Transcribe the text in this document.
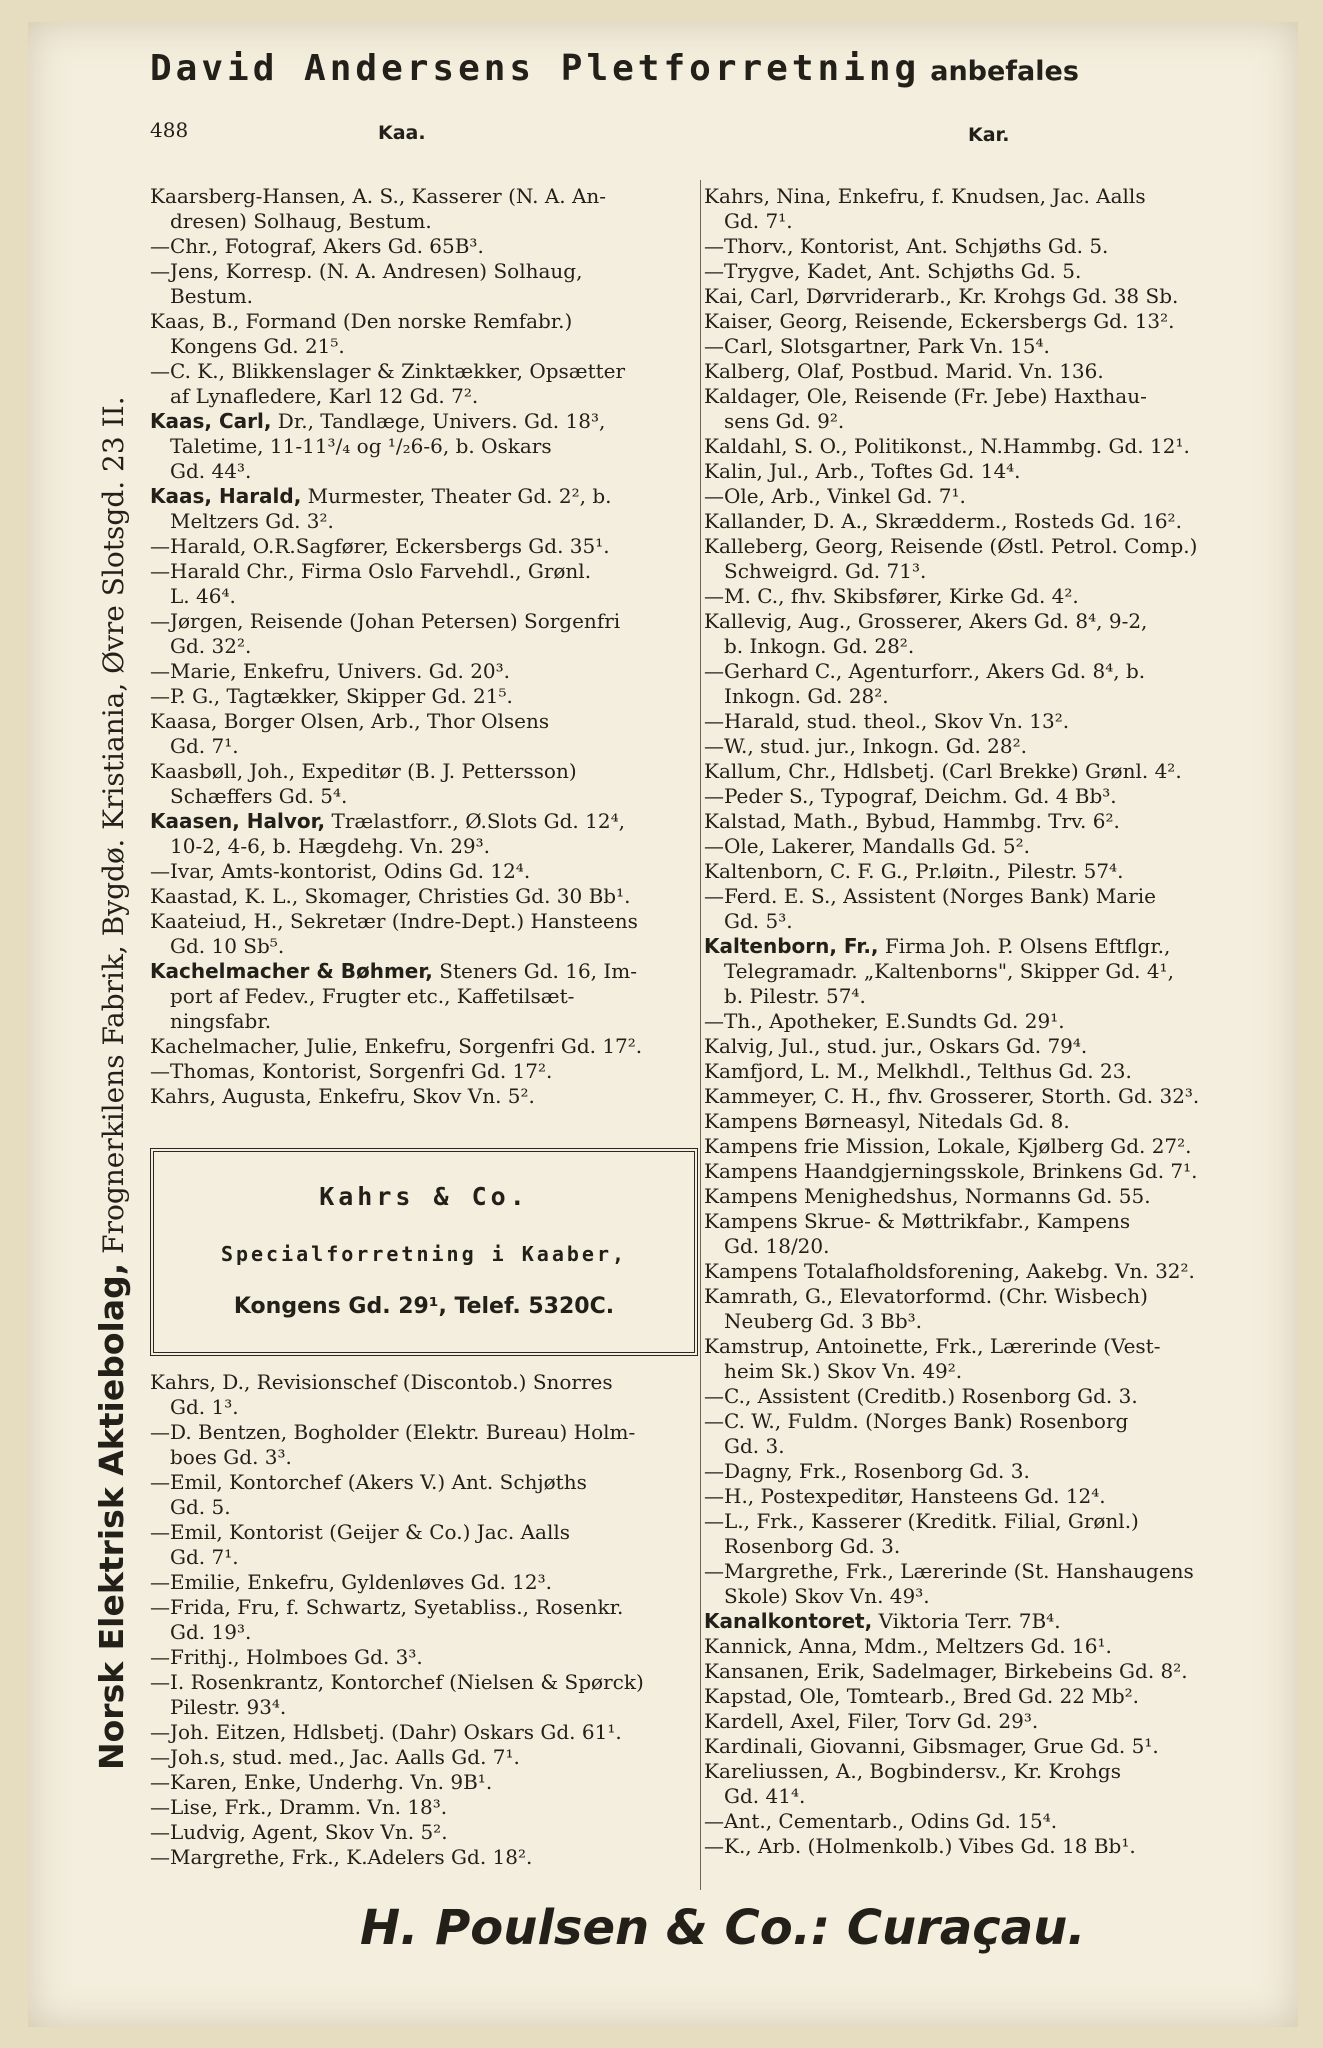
David Andersens Pletforretning anbefales
488	Kaa.	Kar.
Norsk Elektrisk Aktiebolag, Frognerkilens Fabrik, Bygdø. Kristiania, Øvre Slotsgd. 23 II.
Kaarsberg-Hansen, A. S., Kasserer (N. A. An-
dresen) Solhaug, Bestum.
—Chr., Fotograf, Akers Gd. 65B³.
—Jens, Korresp. (N. A. Andresen) Solhaug,
Bestum.
Kaas, B., Formand (Den norske Remfabr.)
Kongens Gd. 21⁵.
—C. K., Blikkenslager & Zinktækker, Opsætter
af Lynafledere, Karl 12 Gd. 7².
Kaas, Carl, Dr., Tandlæge, Univers. Gd. 18³,
Taletime, 11-11³/₄ og ¹/₂6-6, b. Oskars
Gd. 44³.
Kaas, Harald, Murmester, Theater Gd. 2², b.
Meltzers Gd. 3².
—Harald, O.R.Sagfører, Eckersbergs Gd. 35¹.
—Harald Chr., Firma Oslo Farvehdl., Grønl.
L. 46⁴.
—Jørgen, Reisende (Johan Petersen) Sorgenfri
Gd. 32².
—Marie, Enkefru, Univers. Gd. 20³.
—P. G., Tagtækker, Skipper Gd. 21⁵.
Kaasa, Borger Olsen, Arb., Thor Olsens
Gd. 7¹.
Kaasbøll, Joh., Expeditør (B. J. Pettersson)
Schæffers Gd. 5⁴.
Kaasen, Halvor, Trælastforr., Ø.Slots Gd. 12⁴,
10-2, 4-6, b. Hægdehg. Vn. 29³.
—Ivar, Amts-kontorist, Odins Gd. 12⁴.
Kaastad, K. L., Skomager, Christies Gd. 30 Bb¹.
Kaateiud, H., Sekretær (Indre-Dept.) Hansteens
Gd. 10 Sb⁵.
Kachelmacher & Bøhmer, Steners Gd. 16, Im-
port af Fedev., Frugter etc., Kaffetilsæt-
ningsfabr.
Kachelmacher, Julie, Enkefru, Sorgenfri Gd. 17².
—Thomas, Kontorist, Sorgenfri Gd. 17².
Kahrs, Augusta, Enkefru, Skov Vn. 5².
Kahrs & Co.
Specialforretning i Kaaber,
Kongens Gd. 29¹, Telef. 5320C.
Kahrs, D., Revisionschef (Discontob.) Snorres
Gd. 1³.
—D. Bentzen, Bogholder (Elektr. Bureau) Holm-
boes Gd. 3³.
—Emil, Kontorchef (Akers V.) Ant. Schjøths
Gd. 5.
—Emil, Kontorist (Geijer & Co.) Jac. Aalls
Gd. 7¹.
—Emilie, Enkefru, Gyldenløves Gd. 12³.
—Frida, Fru, f. Schwartz, Syetabliss., Rosenkr.
Gd. 19³.
—Frithj., Holmboes Gd. 3³.
—I. Rosenkrantz, Kontorchef (Nielsen & Spørck)
Pilestr. 93⁴.
—Joh. Eitzen, Hdlsbetj. (Dahr) Oskars Gd. 61¹.
—Joh.s, stud. med., Jac. Aalls Gd. 7¹.
—Karen, Enke, Underhg. Vn. 9B¹.
—Lise, Frk., Dramm. Vn. 18³.
—Ludvig, Agent, Skov Vn. 5².
—Margrethe, Frk., K.Adelers Gd. 18².
Kahrs, Nina, Enkefru, f. Knudsen, Jac. Aalls
Gd. 7¹.
—Thorv., Kontorist, Ant. Schjøths Gd. 5.
—Trygve, Kadet, Ant. Schjøths Gd. 5.
Kai, Carl, Dørvriderarb., Kr. Krohgs Gd. 38 Sb.
Kaiser, Georg, Reisende, Eckersbergs Gd. 13².
—Carl, Slotsgartner, Park Vn. 15⁴.
Kalberg, Olaf, Postbud. Marid. Vn. 136.
Kaldager, Ole, Reisende (Fr. Jebe) Haxthau-
sens Gd. 9².
Kaldahl, S. O., Politikonst., N.Hammbg. Gd. 12¹.
Kalin, Jul., Arb., Toftes Gd. 14⁴.
—Ole, Arb., Vinkel Gd. 7¹.
Kallander, D. A., Skrædderm., Rosteds Gd. 16².
Kalleberg, Georg, Reisende (Østl. Petrol. Comp.)
Schweigrd. Gd. 71³.
—M. C., fhv. Skibsfører, Kirke Gd. 4².
Kallevig, Aug., Grosserer, Akers Gd. 8⁴, 9-2,
b. Inkogn. Gd. 28².
—Gerhard C., Agenturforr., Akers Gd. 8⁴, b.
Inkogn. Gd. 28².
—Harald, stud. theol., Skov Vn. 13².
—W., stud. jur., Inkogn. Gd. 28².
Kallum, Chr., Hdlsbetj. (Carl Brekke) Grønl. 4².
—Peder S., Typograf, Deichm. Gd. 4 Bb³.
Kalstad, Math., Bybud, Hammbg. Trv. 6².
—Ole, Lakerer, Mandalls Gd. 5².
Kaltenborn, C. F. G., Pr.løitn., Pilestr. 57⁴.
—Ferd. E. S., Assistent (Norges Bank) Marie
Gd. 5³.
Kaltenborn, Fr., Firma Joh. P. Olsens Eftflgr.,
Telegramadr. „Kaltenborns", Skipper Gd. 4¹,
b. Pilestr. 57⁴.
—Th., Apotheker, E.Sundts Gd. 29¹.
Kalvig, Jul., stud. jur., Oskars Gd. 79⁴.
Kamfjord, L. M., Melkhdl., Telthus Gd. 23.
Kammeyer, C. H., fhv. Grosserer, Storth. Gd. 32³.
Kampens Børneasyl, Nitedals Gd. 8.
Kampens frie Mission, Lokale, Kjølberg Gd. 27².
Kampens Haandgjerningsskole, Brinkens Gd. 7¹.
Kampens Menighedshus, Normanns Gd. 55.
Kampens Skrue- & Møttrikfabr., Kampens
Gd. 18/20.
Kampens Totalafholdsforening, Aakebg. Vn. 32².
Kamrath, G., Elevatorformd. (Chr. Wisbech)
Neuberg Gd. 3 Bb³.
Kamstrup, Antoinette, Frk., Lærerinde (Vest-
heim Sk.) Skov Vn. 49².
—C., Assistent (Creditb.) Rosenborg Gd. 3.
—C. W., Fuldm. (Norges Bank) Rosenborg
Gd. 3.
—Dagny, Frk., Rosenborg Gd. 3.
—H., Postexpeditør, Hansteens Gd. 12⁴.
—L., Frk., Kasserer (Kreditk. Filial, Grønl.)
Rosenborg Gd. 3.
—Margrethe, Frk., Lærerinde (St. Hanshaugens
Skole) Skov Vn. 49³.
Kanalkontoret, Viktoria Terr. 7B⁴.
Kannick, Anna, Mdm., Meltzers Gd. 16¹.
Kansanen, Erik, Sadelmager, Birkebeins Gd. 8².
Kapstad, Ole, Tomtearb., Bred Gd. 22 Mb².
Kardell, Axel, Filer, Torv Gd. 29³.
Kardinali, Giovanni, Gibsmager, Grue Gd. 5¹.
Kareliussen, A., Bogbindersv., Kr. Krohgs
Gd. 41⁴.
—Ant., Cementarb., Odins Gd. 15⁴.
—K., Arb. (Holmenkolb.) Vibes Gd. 18 Bb¹.
H. Poulsen & Co.: Curaçau.
